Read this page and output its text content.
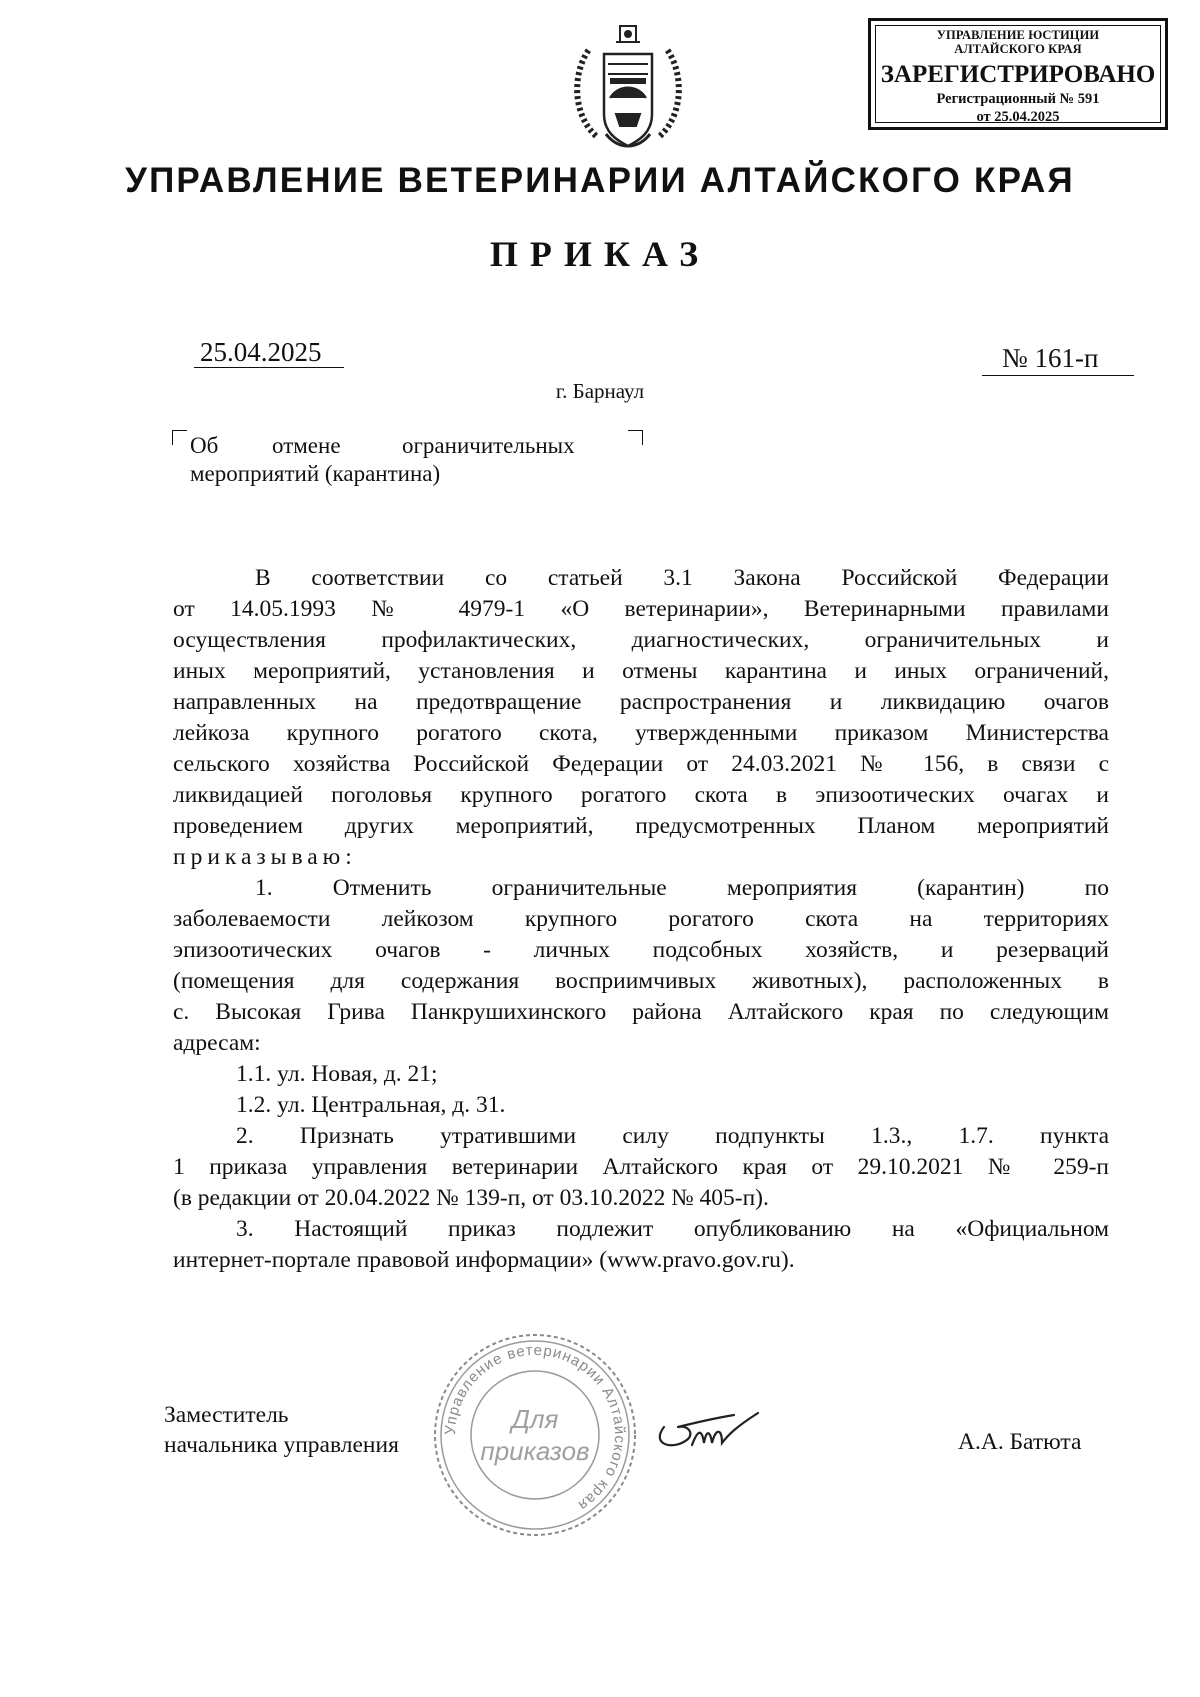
УПРАВЛЕНИЕ ЮСТИЦИИ
АЛТАЙСКОГО КРАЯ
ЗАРЕГИСТРИРОВАНО
Регистрационный № 591
от 25.04.2025
УПРАВЛЕНИЕ ВЕТЕРИНАРИИ АЛТАЙСКОГО КРАЯ
ПРИКАЗ
25.04.2025	№ 161-п
г. Барнаул
Об отмене	ограничительных
мероприятий (карантина)
В соответствии со статьей 3.1 Закона Российской Федерации
от 14.05.1993 № 4979-1 «О ветеринарии», Ветеринарными правилами
осуществления профилактических, диагностических, ограничительных и
иных мероприятий, установления и отмены карантина и иных ограничений,
направленных на предотвращение распространения и ликвидацию очагов
лейкоза крупного рогатого скота, утвержденными приказом Министерства
сельского хозяйства Российской Федерации от 24.03.2021 № 156, в связи с
ликвидацией поголовья крупного рогатого скота в эпизоотических очагах и
проведением других мероприятий, предусмотренных Планом мероприятий
приказываю:
1. Отменить ограничительные мероприятия (карантин) по
заболеваемости лейкозом крупного рогатого скота на территориях
эпизоотических очагов - личных подсобных хозяйств, и резерваций
(помещения для содержания восприимчивых животных), расположенных в
с. Высокая Грива Панкрушихинского района Алтайского края по следующим
адресам:
1.1. ул. Новая, д. 21;
1.2. ул. Центральная, д. 31.
2. Признать утратившими силу подпункты 1.3., 1.7. пункта
1 приказа управления ветеринарии Алтайского края от 29.10.2021 № 259-п
(в редакции от 20.04.2022 № 139-п, от 03.10.2022 № 405-п).
3. Настоящий приказ подлежит опубликованию на «Официальном
интернет-портале правовой информации» (www.pravo.gov.ru).
Управление ветеринарии Алтайского края
Для
приказов
Заместитель
начальника управления	А.А. Батюта
